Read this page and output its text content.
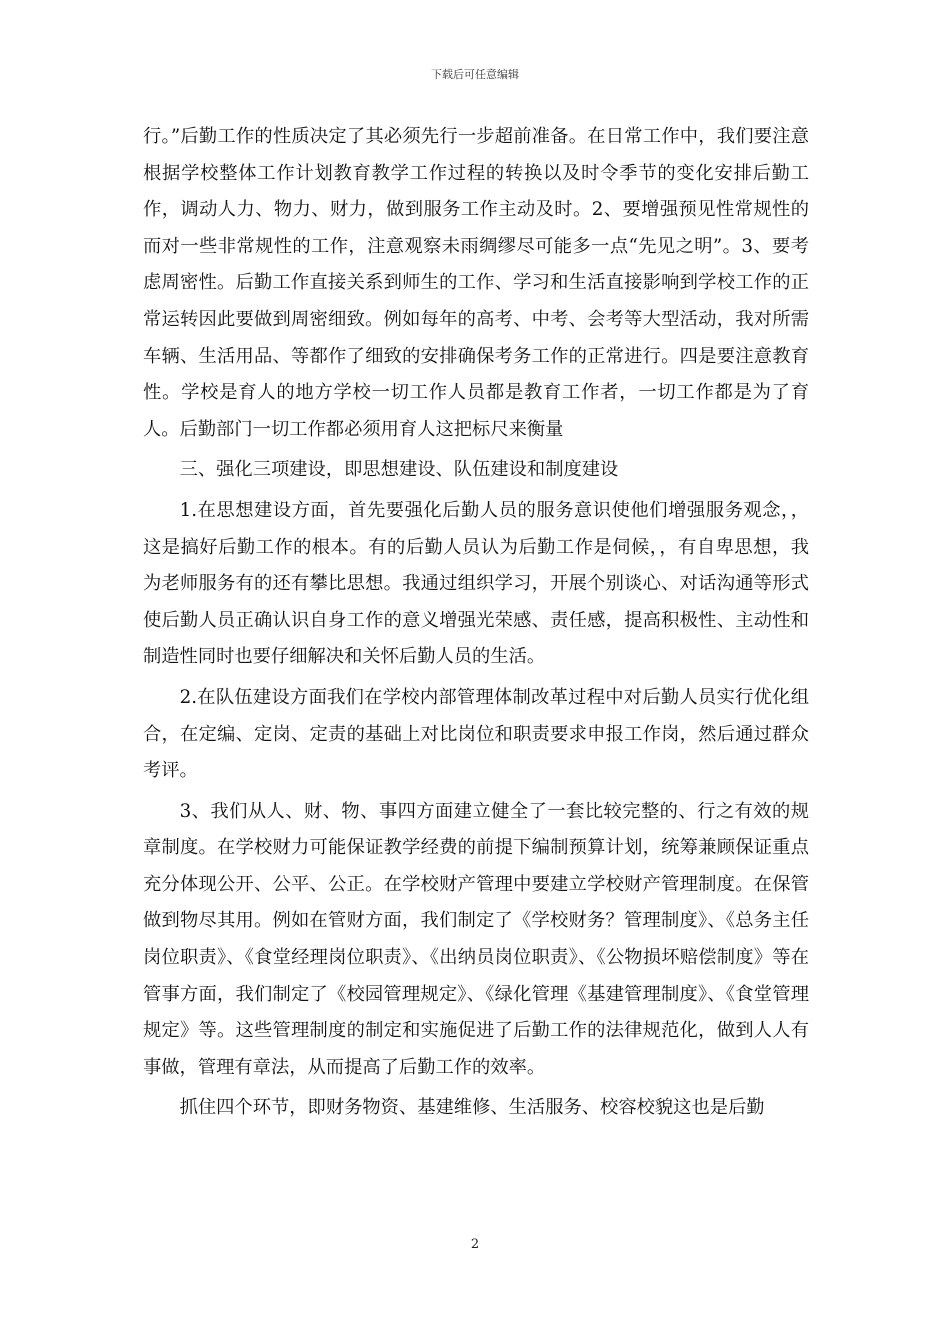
下载后可任意编辑

行。”后勤工作的性质决定了其必须先行一步超前准备。在日常工作中，我们要注意根据学校整体工作计划教育教学工作过程的转换以及时令季节的变化安排后勤工作，调动人力、物力、财力，做到服务工作主动及时。2、要增强预见性常规性的而对一些非常规性的工作，注意观察未雨绸缪尽可能多一点“先见之明”。3、要考虑周密性。后勤工作直接关系到师生的工作、学习和生活直接影响到学校工作的正常运转因此要做到周密细致。例如每年的高考、中考、会考等大型活动，我对所需车辆、生活用品、等都作了细致的安排确保考务工作的正常进行。四是要注意教育性。学校是育人的地方学校一切工作人员都是教育工作者，一切工作都是为了育人。后勤部门一切工作都必须用育人这把标尺来衡量

三、强化三项建设，即思想建设、队伍建设和制度建设

1.在思想建设方面，首先要强化后勤人员的服务意识使他们增强服务观念，，这是搞好后勤工作的根本。有的后勤人员认为后勤工作是伺候，，有自卑思想，我为老师服务有的还有攀比思想。我通过组织学习，开展个别谈心、对话沟通等形式使后勤人员正确认识自身工作的意义增强光荣感、责任感，提高积极性、主动性和制造性同时也要仔细解决和关怀后勤人员的生活。

2.在队伍建设方面我们在学校内部管理体制改革过程中对后勤人员实行优化组合，在定编、定岗、定责的基础上对比岗位和职责要求申报工作岗，然后通过群众考评。

3、我们从人、财、物、事四方面建立健全了一套比较完整的、行之有效的规章制度。在学校财力可能保证教学经费的前提下编制预算计划，统筹兼顾保证重点充分体现公开、公平、公正。在学校财产管理中要建立学校财产管理制度。在保管做到物尽其用。例如在管财方面，我们制定了《学校财务？管理制度》、《总务主任岗位职责》、《食堂经理岗位职责》、《出纳员岗位职责》、《公物损坏赔偿制度》等在管事方面，我们制定了《校园管理规定》、《绿化管理《基建管理制度》、《食堂管理规定》等。这些管理制度的制定和实施促进了后勤工作的法律规范化，做到人人有事做，管理有章法，从而提高了后勤工作的效率。

抓住四个环节，即财务物资、基建维修、生活服务、校容校貌这也是后勤

2
